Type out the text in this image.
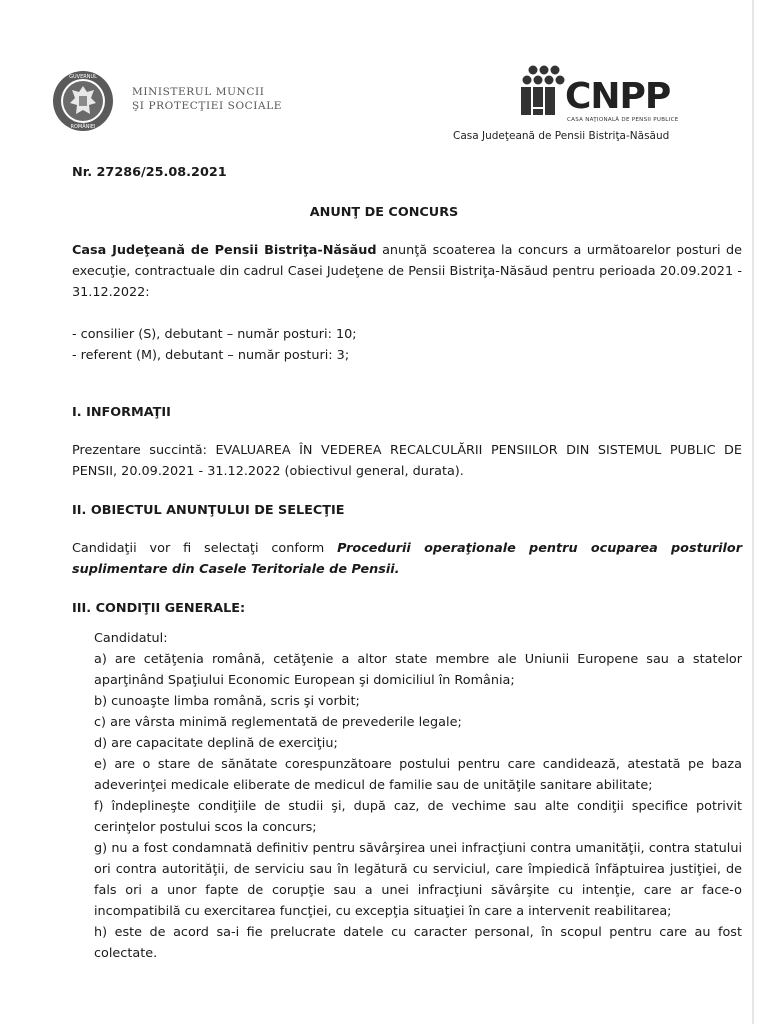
GUVERNUL
ROMÂNIEI
MINISTERUL MUNCII
ŞI PROTECŢIEI SOCIALE	CNPP
CASA NAŢIONALĂ DE PENSII PUBLICE
Casa Judeţeană de Pensii Bistriţa-Năsăud
Nr. 27286/25.08.2021
ANUNŢ DE CONCURS
Casa Judeţeană de Pensii Bistriţa-Năsăud anunţă scoaterea la concurs a următoarelor posturi de execuţie, contractuale din cadrul Casei Judeţene de Pensii Bistriţa-Năsăud pentru perioada 20.09.2021 - 31.12.2022:
- consilier (S), debutant – număr posturi: 10;
- referent (M), debutant – număr posturi: 3;
I. INFORMAŢII
Prezentare succintă: EVALUAREA ÎN VEDEREA RECALCULĂRII PENSIILOR DIN SISTEMUL PUBLIC DE PENSII, 20.09.2021 - 31.12.2022 (obiectivul general, durata).
II. OBIECTUL ANUNŢULUI DE SELECŢIE
Candidaţii vor fi selectaţi conform Procedurii operaţionale pentru ocuparea posturilor suplimentare din Casele Teritoriale de Pensii.
III. CONDIŢII GENERALE:
Candidatul:
a) are cetăţenia română, cetăţenie a altor state membre ale Uniunii Europene sau a statelor aparţinând Spaţiului Economic European şi domiciliul în România;
b) cunoaşte limba română, scris şi vorbit;
c) are vârsta minimă reglementată de prevederile legale;
d) are capacitate deplină de exerciţiu;
e) are o stare de sănătate corespunzătoare postului pentru care candidează, atestată pe baza adeverinţei medicale eliberate de medicul de familie sau de unităţile sanitare abilitate;
f) îndeplineşte condiţiile de studii şi, după caz, de vechime sau alte condiţii specifice potrivit cerinţelor postului scos la concurs;
g) nu a fost condamnată definitiv pentru săvârşirea unei infracţiuni contra umanităţii, contra statului ori contra autorităţii, de serviciu sau în legătură cu serviciul, care împiedică înfăptuirea justiţiei, de fals ori a unor fapte de corupţie sau a unei infracţiuni săvârşite cu intenţie, care ar face-o incompatibilă cu exercitarea funcţiei, cu excepţia situaţiei în care a intervenit reabilitarea;
h) este de acord sa-i fie prelucrate datele cu caracter personal, în scopul pentru care au fost colectate.
